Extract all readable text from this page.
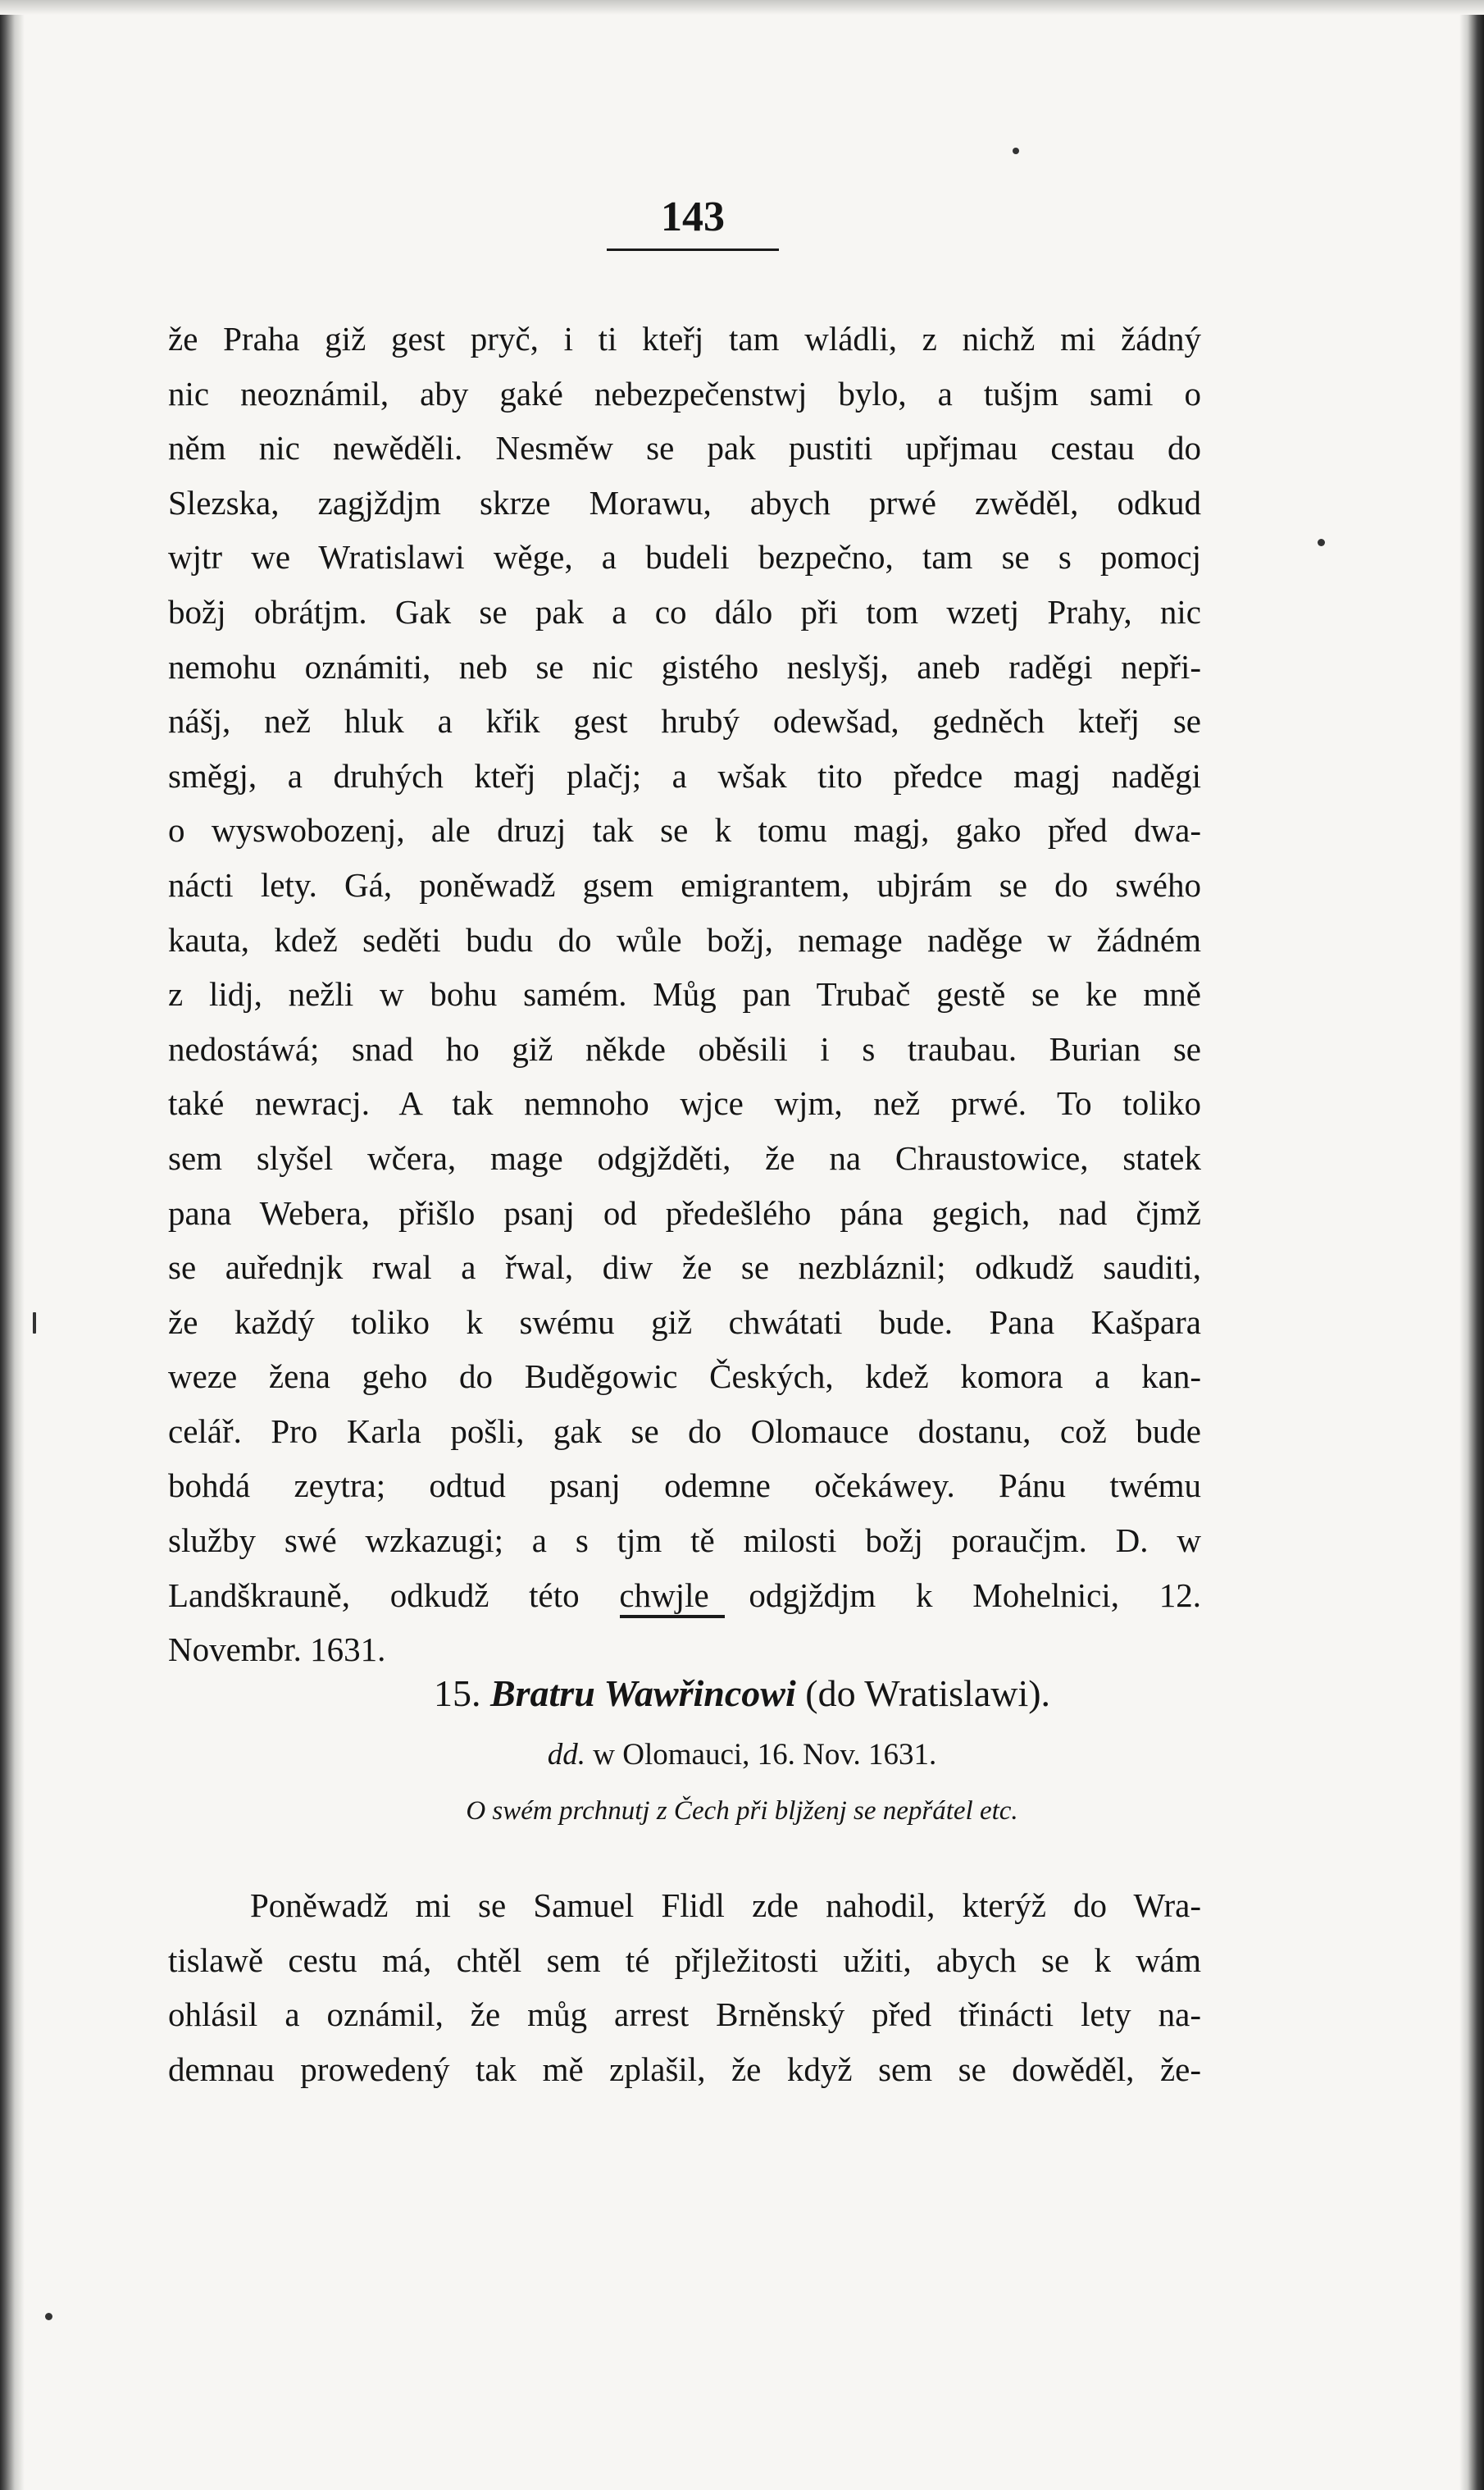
143
že Praha giž gest pryč, i ti kteřj tam wládli, z nichž mi žádný
nic neoznámil, aby gaké nebezpečenstwj bylo, a tušjm sami o
něm nic newěděli. Nesměw se pak pustiti upřjmau cestau do
Slezska, zagjždjm skrze Morawu, abych prwé zwěděl, odkud
wjtr we Wratislawi wěge, a budeli bezpečno, tam se s pomocj
božj obrátjm. Gak se pak a co dálo při tom wzetj Prahy, nic
nemohu oznámiti, neb se nic gistého neslyšj, aneb raděgi nepři-
nášj, než hluk a křik gest hrubý odewšad, gedněch kteřj se
směgj, a druhých kteřj plačj; a wšak tito předce magj naděgi
o wyswobozenj, ale druzj tak se k tomu magj, gako před dwa-
nácti lety. Gá, poněwadž gsem emigrantem, ubjrám se do swého
kauta, kdež seděti budu do wůle božj, nemage naděge w žádném
z lidj, nežli w bohu samém. Můg pan Trubač gestě se ke mně
nedostáwá; snad ho giž někde oběsili i s traubau. Burian se
také newracj. A tak nemnoho wjce wjm, než prwé. To toliko
sem slyšel wčera, mage odgjžděti, že na Chraustowice, statek
pana Webera, přišlo psanj od předešlého pána gegich, nad čjmž
se auřednjk rwal a řwal, diw že se nezbláznil; odkudž sauditi,
že každý toliko k swému giž chwátati bude. Pana Kašpara
weze žena geho do Buděgowic Českých, kdež komora a kan-
celář. Pro Karla pošli, gak se do Olomauce dostanu, což bude
bohdá zeytra; odtud psanj odemne očekáwey. Pánu twému
služby swé wzkazugi; a s tjm tě milosti božj poraučjm. D. w
Landškrauně, odkudž této chwjle odgjždjm k Mohelnici, 12.
Novembr. 1631.
15. Bratru Wawřincowi (do Wratislawi).
dd. w Olomauci, 16. Nov. 1631.
O swém prchnutj z Čech při bljženj se nepřátel etc.
Poněwadž mi se Samuel Flidl zde nahodil, kterýž do Wra-
tislawě cestu má, chtěl sem té přjležitosti užiti, abych se k wám
ohlásil a oznámil, že můg arrest Brněnský před třinácti lety na-
demnau prowedený tak mě zplašil, že když sem se dowěděl, že-
